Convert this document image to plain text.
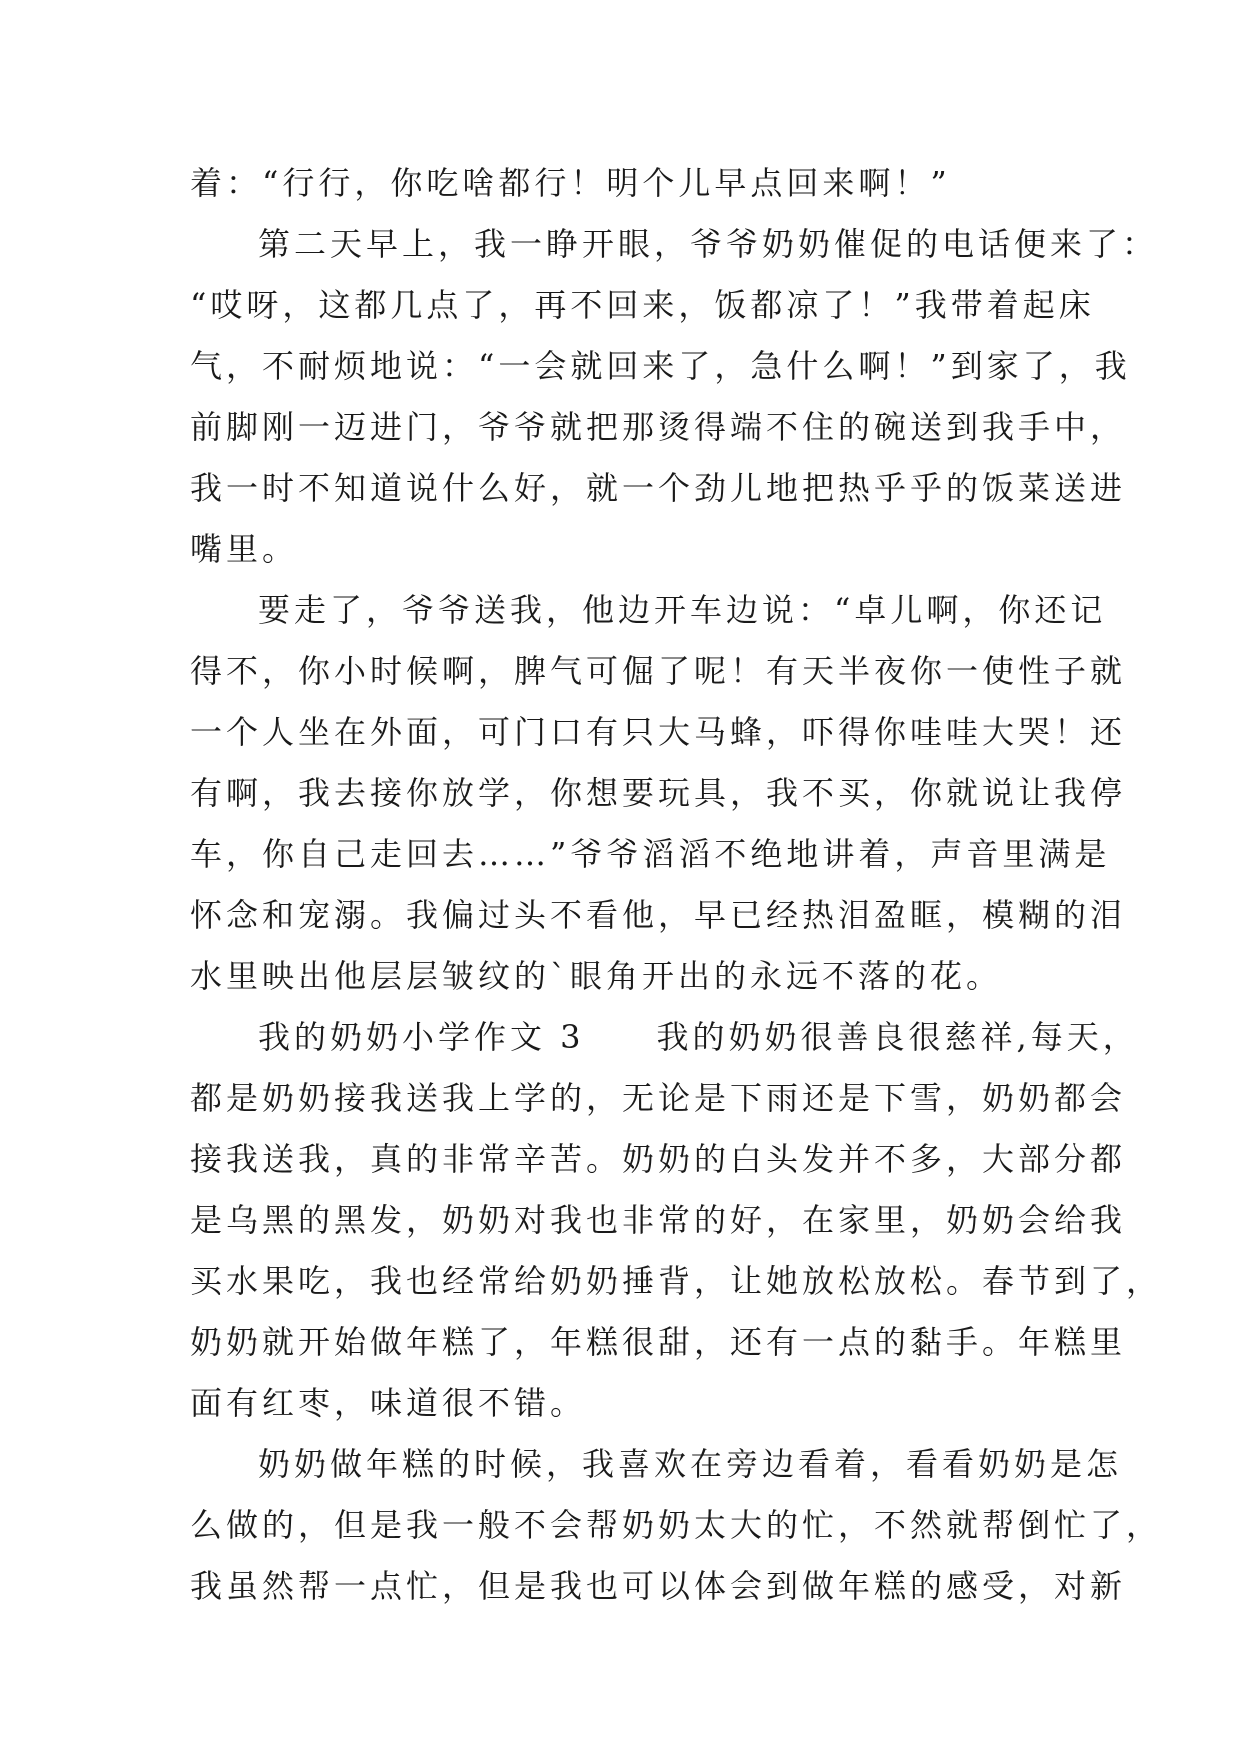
着：“行行，你吃啥都行！明个儿早点回来啊！”
第二天早上，我一睁开眼，爷爷奶奶催促的电话便来了：
“哎呀，这都几点了，再不回来，饭都凉了！”我带着起床
气，不耐烦地说：“一会就回来了，急什么啊！”到家了，我
前脚刚一迈进门，爷爷就把那烫得端不住的碗送到我手中，
我一时不知道说什么好，就一个劲儿地把热乎乎的饭菜送进
嘴里。
要走了，爷爷送我，他边开车边说：“卓儿啊，你还记
得不，你小时候啊，脾气可倔了呢！有天半夜你一使性子就
一个人坐在外面，可门口有只大马蜂，吓得你哇哇大哭！还
有啊，我去接你放学，你想要玩具，我不买，你就说让我停
车，你自己走回去……”爷爷滔滔不绝地讲着，声音里满是
怀念和宠溺。我偏过头不看他，早已经热泪盈眶，模糊的泪
水里映出他层层皱纹的`眼角开出的永远不落的花。
我的奶奶小学作文 3　　我的奶奶很善良很慈祥,每天，
都是奶奶接我送我上学的，无论是下雨还是下雪，奶奶都会
接我送我，真的非常辛苦。奶奶的白头发并不多，大部分都
是乌黑的黑发，奶奶对我也非常的好，在家里，奶奶会给我
买水果吃，我也经常给奶奶捶背，让她放松放松。春节到了，
奶奶就开始做年糕了，年糕很甜，还有一点的黏手。年糕里
面有红枣，味道很不错。
奶奶做年糕的时候，我喜欢在旁边看着，看看奶奶是怎
么做的，但是我一般不会帮奶奶太大的忙，不然就帮倒忙了，
我虽然帮一点忙，但是我也可以体会到做年糕的感受，对新
